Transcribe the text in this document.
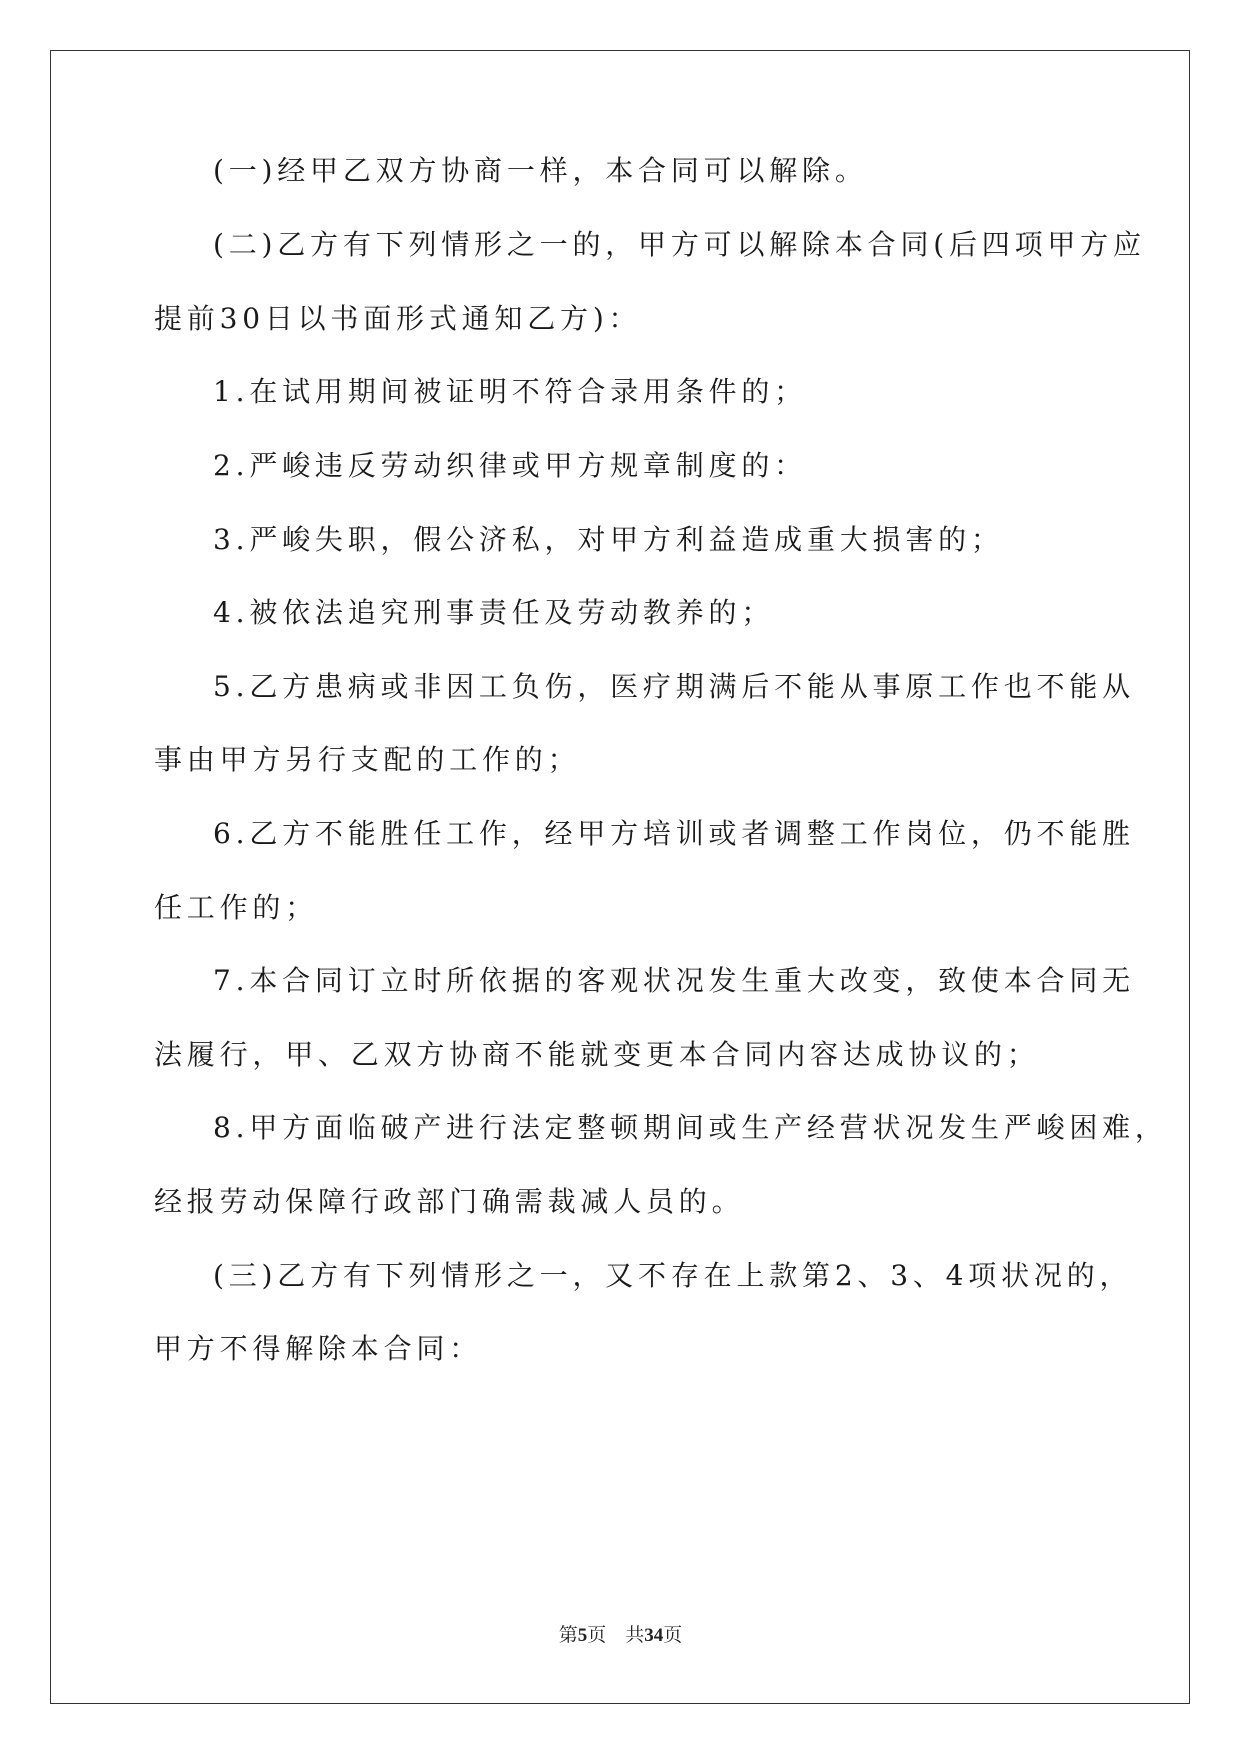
(一)经甲乙双方协商一样，本合同可以解除。
(二)乙方有下列情形之一的，甲方可以解除本合同(后四项甲方应
提前30日以书面形式通知乙方)：
1.在试用期间被证明不符合录用条件的；
2.严峻违反劳动织律或甲方规章制度的：
3.严峻失职，假公济私，对甲方利益造成重大损害的；
4.被依法追究刑事责任及劳动教养的；
5.乙方患病或非因工负伤，医疗期满后不能从事原工作也不能从
事由甲方另行支配的工作的；
6.乙方不能胜任工作，经甲方培训或者调整工作岗位，仍不能胜
任工作的；
7.本合同订立时所依据的客观状况发生重大改变，致使本合同无
法履行，甲、乙双方协商不能就变更本合同内容达成协议的；
8.甲方面临破产进行法定整顿期间或生产经营状况发生严峻困难，
经报劳动保障行政部门确需裁减人员的。
(三)乙方有下列情形之一，又不存在上款第2、3、4项状况的，
甲方不得解除本合同：
第5页 共34页
